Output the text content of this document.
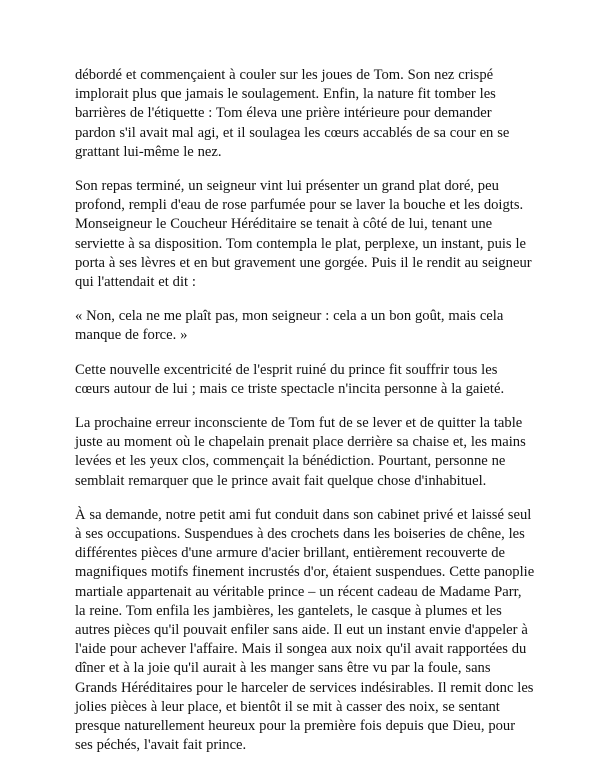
débordé et commençaient à couler sur les joues de Tom. Son nez crispé implorait plus que jamais le soulagement. Enfin, la nature fit tomber les barrières de l'étiquette : Tom éleva une prière intérieure pour demander pardon s'il avait mal agi, et il soulagea les cœurs accablés de sa cour en se grattant lui-même le nez.

Son repas terminé, un seigneur vint lui présenter un grand plat doré, peu profond, rempli d'eau de rose parfumée pour se laver la bouche et les doigts. Monseigneur le Coucheur Héréditaire se tenait à côté de lui, tenant une serviette à sa disposition. Tom contempla le plat, perplexe, un instant, puis le porta à ses lèvres et en but gravement une gorgée. Puis il le rendit au seigneur qui l'attendait et dit :

« Non, cela ne me plaît pas, mon seigneur : cela a un bon goût, mais cela manque de force. »

Cette nouvelle excentricité de l'esprit ruiné du prince fit souffrir tous les cœurs autour de lui ; mais ce triste spectacle n'incita personne à la gaieté.

La prochaine erreur inconsciente de Tom fut de se lever et de quitter la table juste au moment où le chapelain prenait place derrière sa chaise et, les mains levées et les yeux clos, commençait la bénédiction. Pourtant, personne ne semblait remarquer que le prince avait fait quelque chose d'inhabituel.

À sa demande, notre petit ami fut conduit dans son cabinet privé et laissé seul à ses occupations. Suspendues à des crochets dans les boiseries de chêne, les différentes pièces d'une armure d'acier brillant, entièrement recouverte de magnifiques motifs finement incrustés d'or, étaient suspendues. Cette panoplie martiale appartenait au véritable prince – un récent cadeau de Madame Parr, la reine. Tom enfila les jambières, les gantelets, le casque à plumes et les autres pièces qu'il pouvait enfiler sans aide. Il eut un instant envie d'appeler à l'aide pour achever l'affaire. Mais il songea aux noix qu'il avait rapportées du dîner et à la joie qu'il aurait à les manger sans être vu par la foule, sans Grands Héréditaires pour le harceler de services indésirables. Il remit donc les jolies pièces à leur place, et bientôt il se mit à casser des noix, se sentant presque naturellement heureux pour la première fois depuis que Dieu, pour ses péchés, l'avait fait prince.
